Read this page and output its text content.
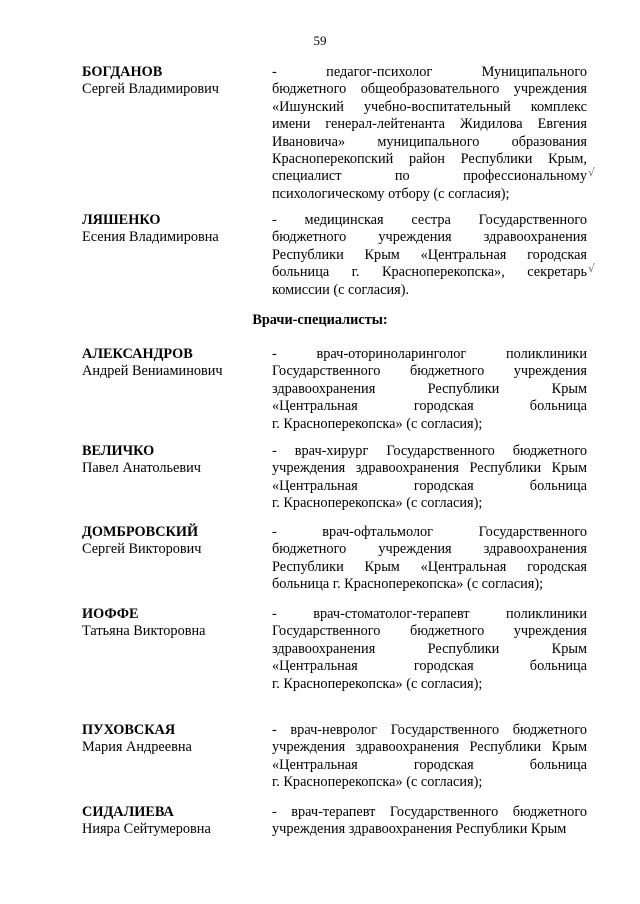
59
Врачи-специалисты:
БОГДАНОВ
Сергей Владимирович
- педагог-психолог Муниципального
бюджетного общеобразовательного учреждения
«Ишунский учебно-воспитательный комплекс
имени генерал-лейтенанта Жидилова Евгения
Ивановича» муниципального образования
Красноперекопский район Республики Крым,
специалист по профессиональному
психологическому отбору (с согласия);
ЛЯШЕНКО
Есения Владимировна
- медицинская сестра Государственного
бюджетного учреждения здравоохранения
Республики Крым «Центральная городская
больница г. Красноперекопска», секретарь
комиссии (с согласия).
АЛЕКСАНДРОВ
Андрей Вениаминович
- врач-оториноларинголог поликлиники
Государственного бюджетного учреждения
здравоохранения Республики Крым
«Центральная городская больница
г. Красноперекопска» (с согласия);
ВЕЛИЧКО
Павел Анатольевич
- врач-хирург Государственного бюджетного
учреждения здравоохранения Республики Крым
«Центральная городская больница
г. Красноперекопска» (с согласия);
ДОМБРОВСКИЙ
Сергей Викторович
- врач-офтальмолог Государственного
бюджетного учреждения здравоохранения
Республики Крым «Центральная городская
больница г. Красноперекопска» (с согласия);
ИОФФЕ
Татьяна Викторовна
- врач-стоматолог-терапевт поликлиники
Государственного бюджетного учреждения
здравоохранения Республики Крым
«Центральная городская больница
г. Красноперекопска» (с согласия);
ПУХОВСКАЯ
Мария Андреевна
- врач-невролог Государственного бюджетного
учреждения здравоохранения Республики Крым
«Центральная городская больница
г. Красноперекопска» (с согласия);
СИДАЛИЕВА
Нияра Сейтумеровна
- врач-терапевт Государственного бюджетного
учреждения здравоохранения Республики Крым
√
√
